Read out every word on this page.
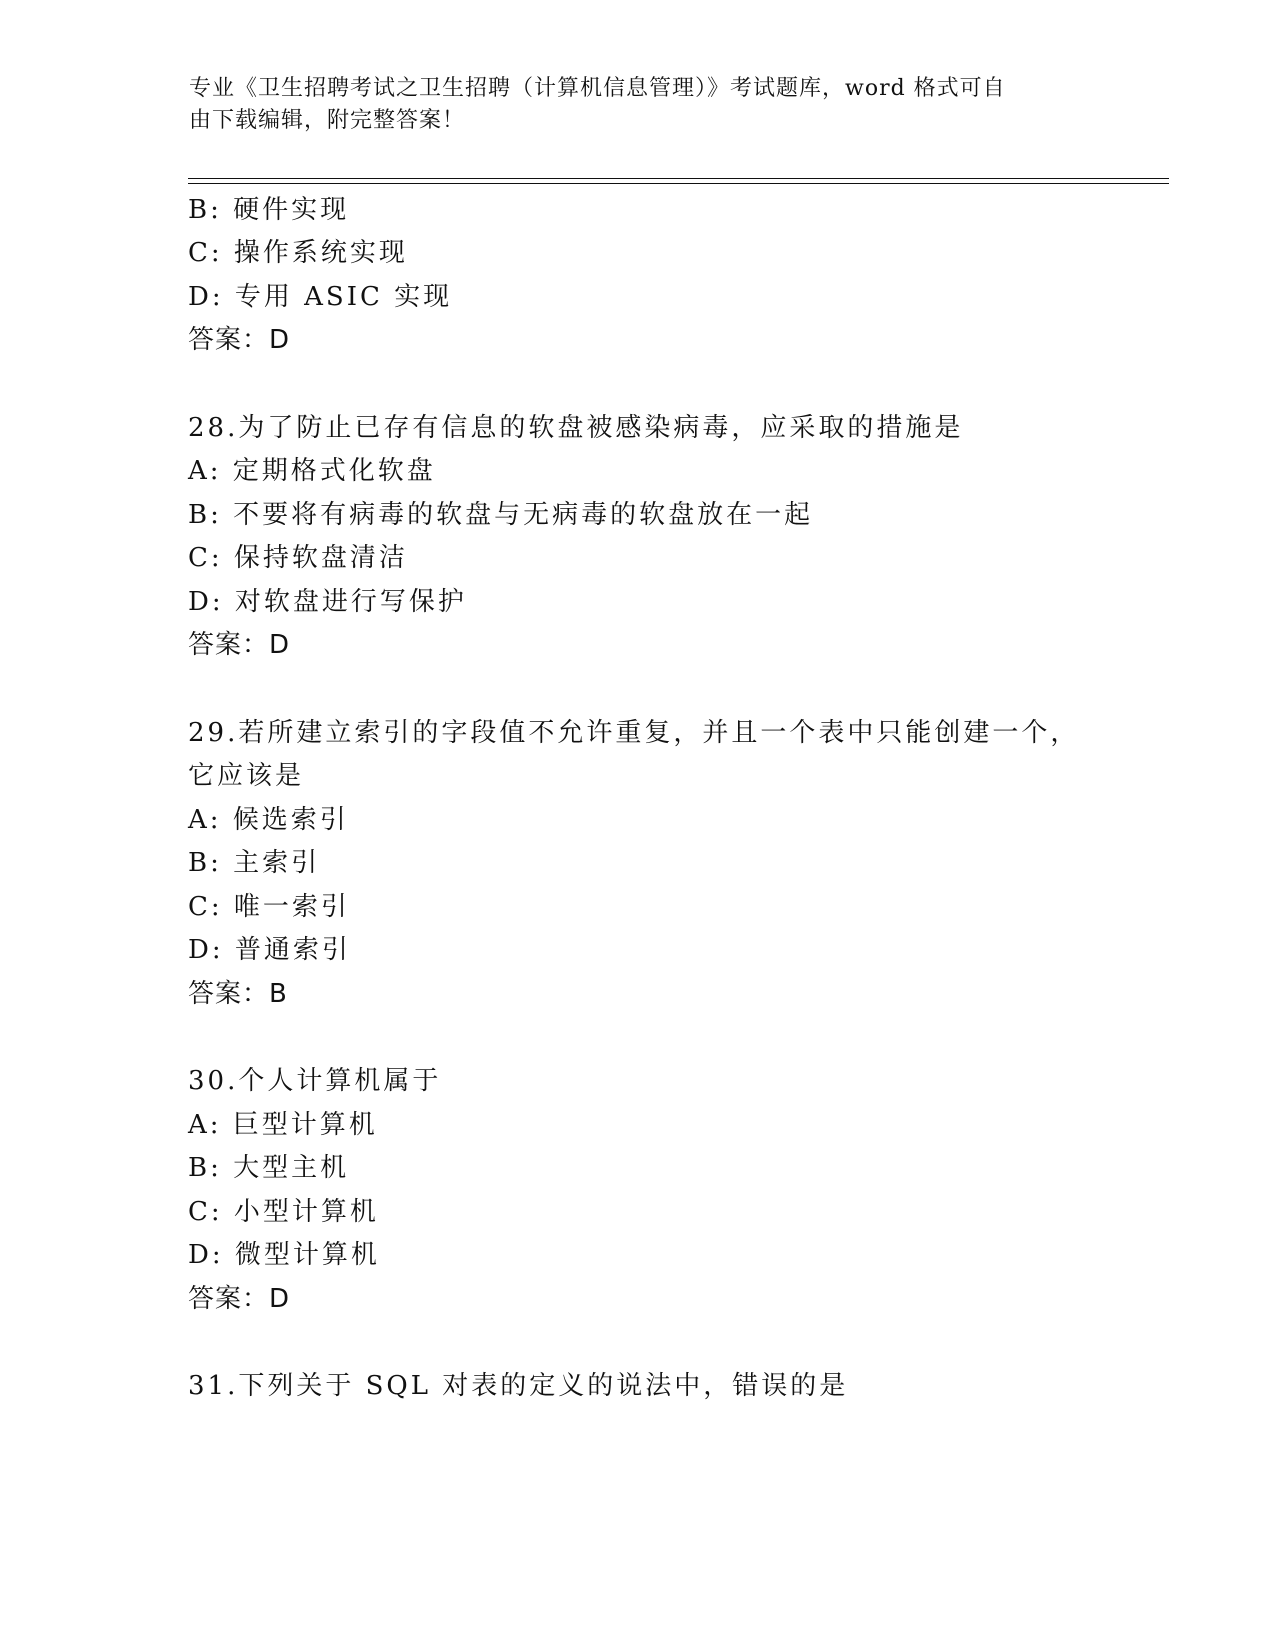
专业《卫生招聘考试之卫生招聘（计算机信息管理）》考试题库，word 格式可自
由下载编辑，附完整答案！
B: 硬件实现
C: 操作系统实现
D: 专用 ASIC 实现
答案：D
28.为了防止已存有信息的软盘被感染病毒，应采取的措施是
A: 定期格式化软盘
B: 不要将有病毒的软盘与无病毒的软盘放在一起
C: 保持软盘清洁
D: 对软盘进行写保护
答案：D
29.若所建立索引的字段值不允许重复，并且一个表中只能创建一个，
它应该是
A: 候选索引
B: 主索引
C: 唯一索引
D: 普通索引
答案：B
30.个人计算机属于
A: 巨型计算机
B: 大型主机
C: 小型计算机
D: 微型计算机
答案：D
31.下列关于 SQL 对表的定义的说法中，错误的是
